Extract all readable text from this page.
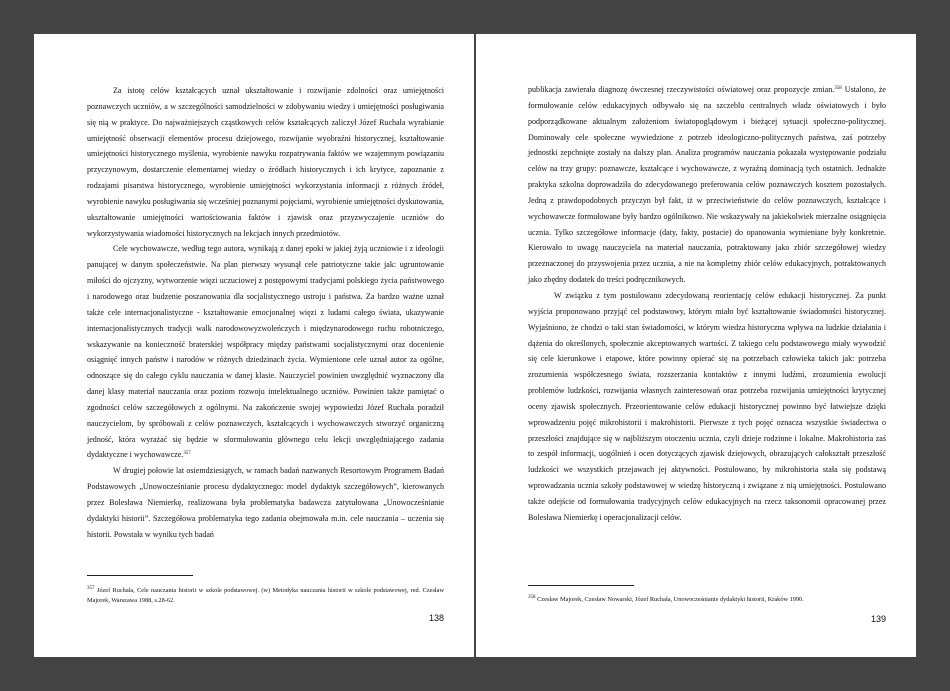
Za istotę celów kształcących uznał ukształtowanie i rozwijanie zdolności oraz umiejętności poznawczych uczniów, a w szczególności samodzielności w zdobywaniu wiedzy i umiejętności posługiwania się nią w praktyce. Do najważniejszych cząstkowych celów kształcących zaliczył Józef Ruchała wyrabianie umiejętność obserwacji elementów procesu dziejowego, rozwijanie wyobraźni historycznej, kształtowanie umiejętności historycznego myślenia, wyrobienie nawyku rozpatrywania faktów we wzajemnym powiązaniu przyczynowym, dostarczenie elementarnej wiedzy o źródłach historycznych i ich krytyce, zapoznanie z rodzajami pisarstwa historycznego, wyrobienie umiejętności wykorzystania informacji z różnych źródeł, wyrobienie nawyku posługiwania się wcześniej poznanymi pojęciami, wyrobienie umiejętności dyskutowania, ukształtowanie umiejętności wartościowania faktów i zjawisk oraz przyzwyczajenie uczniów do wykorzystywania wiadomości historycznych na lekcjach innych przedmiotów.

Cele wychowawcze, według tego autora, wynikają z danej epoki w jakiej żyją uczniowie i z ideologii panującej w danym społeczeństwie. Na plan pierwszy wysunął cele patriotyczne takie jak: ugruntowanie miłości do ojczyzny, wytworzenie więzi uczuciowej z postępowymi tradycjami polskiego życia państwowego i narodowego oraz budzenie poszanowania dla socjalistycznego ustroju i państwa. Za bardzo ważne uznał także cele internacjonalistyczne - kształtowanie emocjonalnej więzi z ludami całego świata, ukazywanie internacjonalistycznych tradycji walk narodowowyzwoleńczych i międzynarodowego ruchu robotniczego, wskazywanie na konieczność braterskiej współpracy między państwami socjalistycznymi oraz docenienie osiągnięć innych państw i narodów w różnych dziedzinach życia. Wymienione cele uznał autor za ogólne, odnoszące się do całego cyklu nauczania w danej klasie. Nauczyciel powinien uwzględnić wyznaczony dla danej klasy materiał nauczania oraz poziom rozwoju intelektualnego uczniów. Powinien także pamiętać o zgodności celów szczegółowych z ogólnymi. Na zakończenie swojej wypowiedzi Józef Ruchała poradził nauczycielom, by spróbowali z celów poznawczych, kształcących i wychowawczych stworzyć organiczną jedność, która wyrażać się będzie w sformułowaniu głównego celu lekcji uwzględniającego zadania dydaktyczne i wychowawcze.$^{357}$

W drugiej połowie lat osiemdziesiątych, w ramach badań nazwanych Resortowym Programem Badań Podstawowych „Unowocześnianie procesu dydaktycznego: model dydaktyk szczegółowych”, kierowanych przez Bolesława Niemierkę, realizowana była problematyka badawcza zatytułowana „Unowocześnianie dydaktyki historii”. Szczegółowa problematyka tego zadania obejmowała m.in. cele nauczania – uczenia się historii. Powstała w wyniku tych badań

$^{357}$ Józef Ruchała, Cele nauczania historii w szkole podstawowej. (w) Metodyka nauczania historii w szkole podstawowej, red. Czesław Majorek, Warszawa 1988, s.28-62.
138

publikacja zawierała diagnozę ówczesnej rzeczywistości oświatowej oraz propozycje zmian.$^{358}$ Ustalono, że formułowanie celów edukacyjnych odbywało się na szczeblu centralnych władz oświatowych i było podporządkowane aktualnym założeniom światopoglądowym i bieżącej sytuacji społeczno-politycznej. Dominowały cele społeczne wywiedzione z potrzeb ideologiczno-politycznych państwa, zaś potrzeby jednostki zepchnięte zostały na dalszy plan. Analiza programów nauczania pokazała występowanie podziału celów na trzy grupy: poznawcze, kształcące i wychowawcze, z wyraźną dominacją tych ostatnich. Jednakże praktyka szkolna doprowadziła do zdecydowanego preferowania celów poznawczych kosztem pozostałych. Jedną z prawdopodobnych przyczyn był fakt, iż w przeciwieństwie do celów poznawczych, kształcące i wychowawcze formułowane były bardzo ogólnikowo. Nie wskazywały na jakiekolwiek mierzalne osiągnięcia ucznia. Tylko szczegółowe informacje (daty, fakty, postacie) do opanowania wymieniane były konkretnie. Kierowało to uwagę nauczyciela na materiał nauczania, potraktowany jako zbiór szczegółowej wiedzy przeznaczonej do przyswojenia przez ucznia, a nie na kompletny zbiór celów edukacyjnych, potraktowanych jako zbędny dodatek do treści podręcznikowych.

W związku z tym postulowano zdecydowaną reorientację celów edukacji historycznej. Za punkt wyjścia proponowano przyjąć cel podstawowy, którym miało być kształtowanie świadomości historycznej. Wyjaśniono, że chodzi o taki stan świadomości, w którym wiedza historyczna wpływa na ludzkie działania i dążenia do określonych, społecznie akceptowanych wartości. Z takiego celu podstawowego miały wywodzić się cele kierunkowe i etapowe, które powinny opierać się na potrzebach człowieka takich jak: potrzeba zrozumienia współczesnego świata, rozszerzania kontaktów z innymi ludźmi, zrozumienia ewolucji problemów ludzkości, rozwijania własnych zainteresowań oraz potrzeba rozwijania umiejętności krytycznej oceny zjawisk społecznych. Przeorientowanie celów edukacji historycznej powinno być łatwiejsze dzięki wprowadzeniu pojęć mikrohistorii i makrohistorii. Pierwsze z tych pojęć oznacza wszystkie świadectwa o przeszłości znajdujące się w najbliższym otoczeniu ucznia, czyli dzieje rodzinne i lokalne. Makrohistoria zaś to zespół informacji, uogólnień i ocen dotyczących zjawisk dziejowych, obrazujących całokształt przeszłość ludzkości we wszystkich przejawach jej aktywności. Postulowano, by mikrohistoria stała się podstawą wprowadzania ucznia szkoły podstawowej w wiedzę historyczną i związane z nią umiejętności. Postulowano także odejście od formułowania tradycyjnych celów edukacyjnych na rzecz taksonomii opracowanej przez Bolesława Niemierkę i operacjonalizacji celów.

$^{358}$ Czesław Majorek, Czesław Nowarski, Józef Ruchała, Unowocześnianie dydaktyki historii, Kraków 1990.
139
